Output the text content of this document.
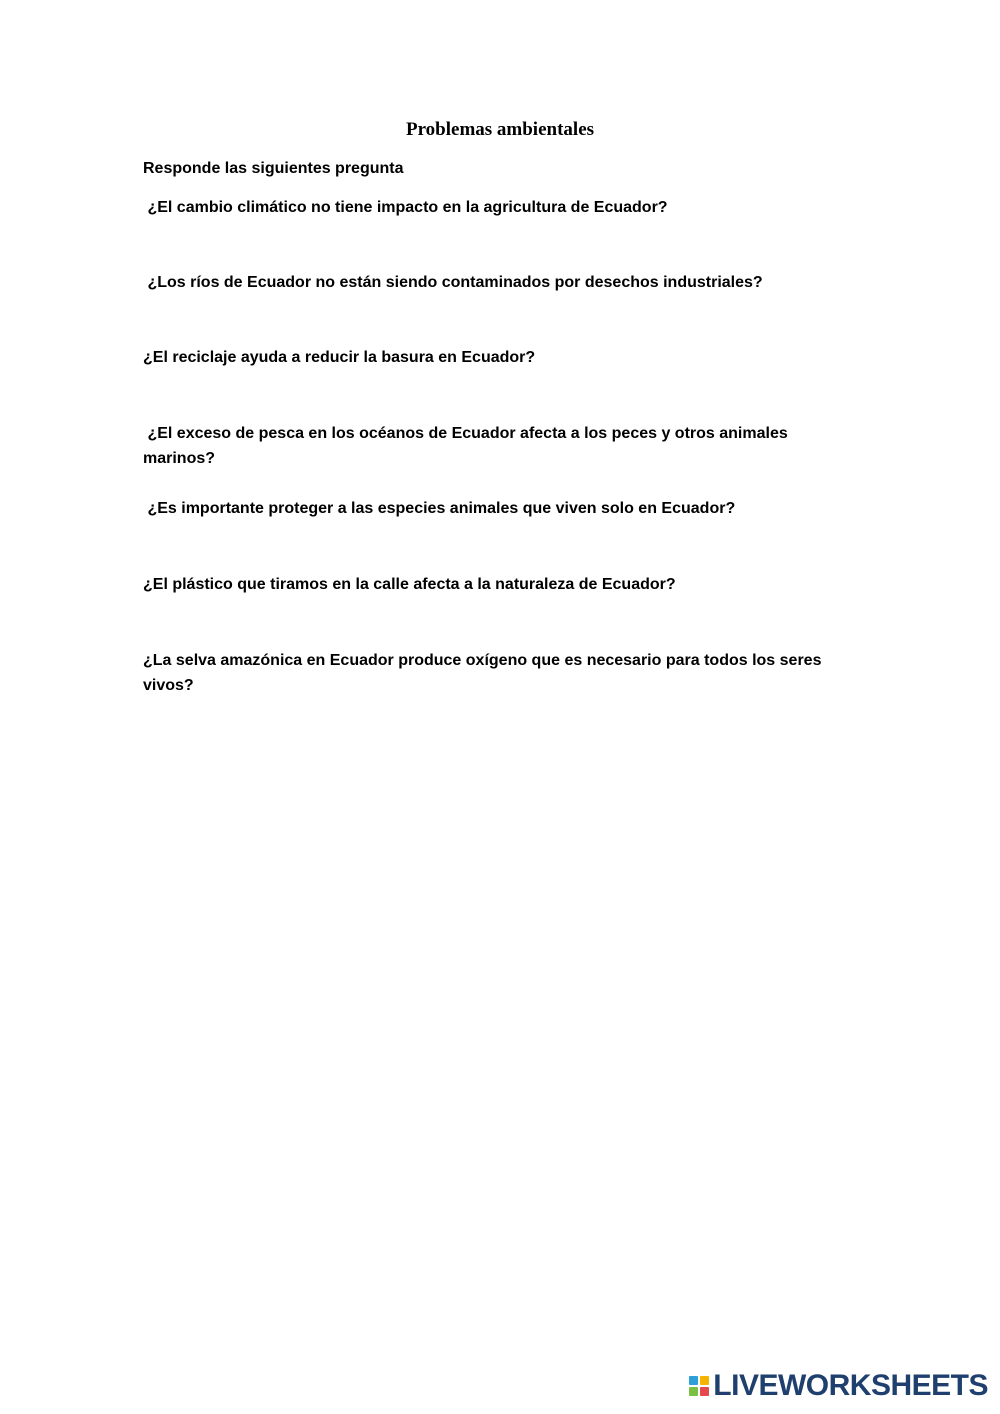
Problemas ambientales
Responde las siguientes pregunta
¿El cambio climático no tiene impacto en la agricultura de Ecuador?
¿Los ríos de Ecuador no están siendo contaminados por desechos industriales?
¿El reciclaje ayuda a reducir la basura en Ecuador?
¿El exceso de pesca en los océanos de Ecuador afecta a los peces y otros animales marinos?
¿Es importante proteger a las especies animales que viven solo en Ecuador?
¿El plástico que tiramos en la calle afecta a la naturaleza de Ecuador?
¿La selva amazónica en Ecuador produce oxígeno que es necesario para todos los seres vivos?
LIVEWORKSHEETS
